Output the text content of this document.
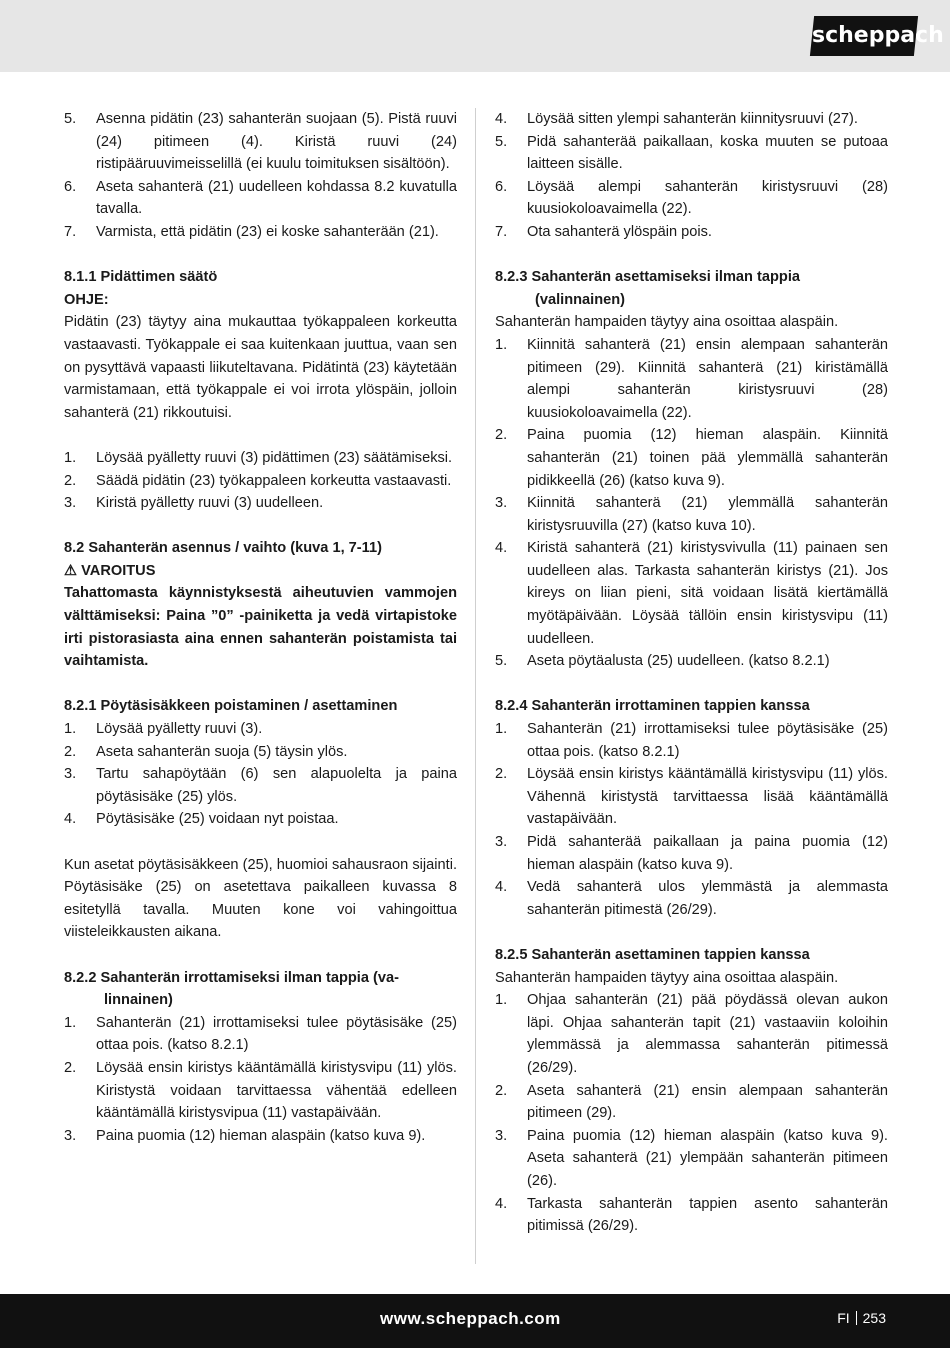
scheppach
5.	Asenna pidätin (23) sahanterän suojaan (5). Pistä ruuvi (24) pitimeen (4). Kiristä ruuvi (24) ristipääruuvimeisselillä (ei kuulu toimituksen sisältöön).
6.	Aseta sahanterä (21) uudelleen kohdassa 8.2 kuvatulla tavalla.
7.	Varmista, että pidätin (23) ei koske sahanterään (21).

8.1.1 Pidättimen säätö

OHJE:

Pidätin (23) täytyy aina mukauttaa työkappaleen korkeutta vastaavasti. Työkappale ei saa kuitenkaan juuttua, vaan sen on pysyttävä vapaasti liikuteltavana. Pidätintä (23) käytetään varmistamaan, että työkappale ei voi irrota ylöspäin, jolloin sahanterä (21) rikkoutuisi.

1.	Löysää pyälletty ruuvi (3) pidättimen (23) säätämiseksi.
2.	Säädä pidätin (23) työkappaleen korkeutta vastaavasti.
3.	Kiristä pyälletty ruuvi (3) uudelleen.

8.2 Sahanterän asennus / vaihto (kuva 1, 7-11)

⚠ VAROITUS

Tahattomasta käynnistyksestä aiheutuvien vammojen välttämiseksi: Paina ”0” -painiketta ja vedä virtapistoke irti pistorasiasta aina ennen sahanterän poistamista tai vaihtamista.

8.2.1 Pöytäsisäkkeen poistaminen / asettaminen

1.	Löysää pyälletty ruuvi (3).
2.	Aseta sahanterän suoja (5) täysin ylös.
3.	Tartu sahapöytään (6) sen alapuolelta ja paina pöytäsisäke (25) ylös.
4.	Pöytäsisäke (25) voidaan nyt poistaa.

Kun asetat pöytäsisäkkeen (25), huomioi sahausraon sijainti. Pöytäsisäke (25) on asetettava paikalleen kuvassa 8 esitetyllä tavalla. Muuten kone voi vahingoittua viisteleikkausten aikana.

8.2.2 Sahanterän irrottamiseksi ilman tappia (va-

linnainen)

1.	Sahanterän (21) irrottamiseksi tulee pöytäsisäke (25) ottaa pois. (katso 8.2.1)
2.	Löysää ensin kiristys kääntämällä kiristysvipu (11) ylös. Kiristystä voidaan tarvittaessa vähentää edelleen kääntämällä kiristysvipua (11) vastapäivään.
3.	Paina puomia (12) hieman alaspäin (katso kuva 9).
4.	Löysää sitten ylempi sahanterän kiinnitysruuvi (27).
5.	Pidä sahanterää paikallaan, koska muuten se putoaa laitteen sisälle.
6.	Löysää alempi sahanterän kiristysruuvi (28) kuusiokoloavaimella (22).
7.	Ota sahanterä ylöspäin pois.

8.2.3 Sahanterän asettamiseksi ilman tappia

(valinnainen)

Sahanterän hampaiden täytyy aina osoittaa alaspäin.

1.	Kiinnitä sahanterä (21) ensin alempaan sahanterän pitimeen (29). Kiinnitä sahanterä (21) kiristämällä alempi sahanterän kiristysruuvi (28) kuusiokoloavaimella (22).
2.	Paina puomia (12) hieman alaspäin. Kiinnitä sahanterän (21) toinen pää ylemmällä sahanterän pidikkeellä (26) (katso kuva 9).
3.	Kiinnitä sahanterä (21) ylemmällä sahanterän kiristysruuvilla (27) (katso kuva 10).
4.	Kiristä sahanterä (21) kiristysvivulla (11) painaen sen uudelleen alas. Tarkasta sahanterän kiristys (21). Jos kireys on liian pieni, sitä voidaan lisätä kiertämällä myötäpäivään. Löysää tällöin ensin kiristysvipu (11) uudelleen.
5.	Aseta pöytäalusta (25) uudelleen. (katso 8.2.1)

8.2.4 Sahanterän irrottaminen tappien kanssa

1.	Sahanterän (21) irrottamiseksi tulee pöytäsisäke (25) ottaa pois. (katso 8.2.1)
2.	Löysää ensin kiristys kääntämällä kiristysvipu (11) ylös. Vähennä kiristystä tarvittaessa lisää kääntämällä vastapäivään.
3.	Pidä sahanterää paikallaan ja paina puomia (12) hieman alaspäin (katso kuva 9).
4.	Vedä sahanterä ulos ylemmästä ja alemmasta sahanterän pitimestä (26/29).

8.2.5 Sahanterän asettaminen tappien kanssa

Sahanterän hampaiden täytyy aina osoittaa alaspäin.

1.	Ohjaa sahanterän (21) pää pöydässä olevan aukon läpi. Ohjaa sahanterän tapit (21) vastaaviin koloihin ylemmässä ja alemmassa sahanterän pitimessä (26/29).
2.	Aseta sahanterä (21) ensin alempaan sahanterän pitimeen (29).
3.	Paina puomia (12) hieman alaspäin (katso kuva 9). Aseta sahanterä (21) ylempään sahanterän pitimeen (26).
4.	Tarkasta sahanterän tappien asento sahanterän pitimissä (26/29).
www.scheppach.com	FI 253
